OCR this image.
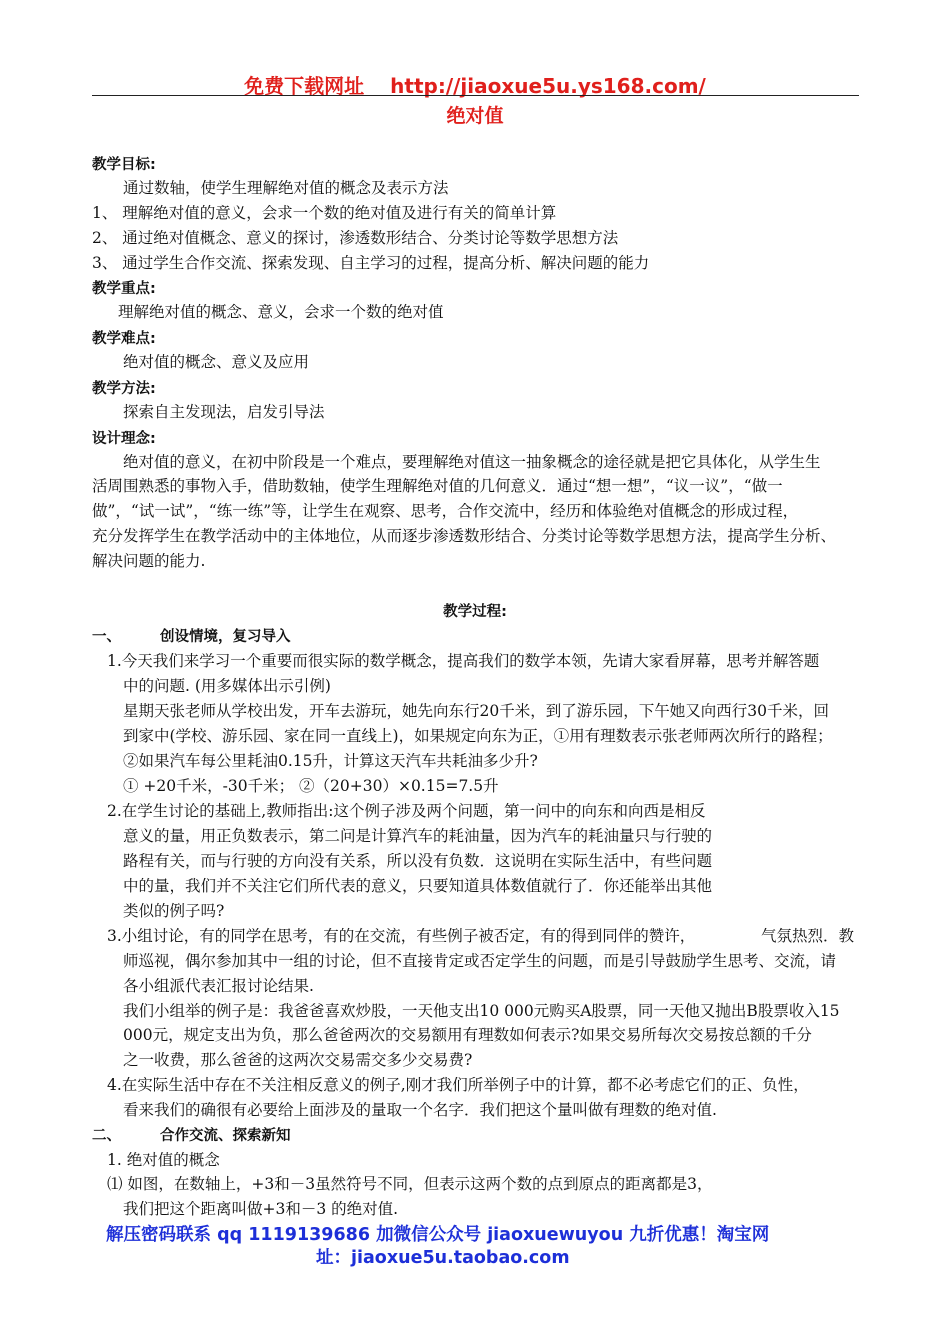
免费下载网址 http://jiaoxue5u.ys168.com/
绝对值
教学目标:
通过数轴，使学生理解绝对值的概念及表示方法
1、 理解绝对值的意义，会求一个数的绝对值及进行有关的简单计算
2、 通过绝对值概念、意义的探讨，渗透数形结合、分类讨论等数学思想方法
3、 通过学生合作交流、探索发现、自主学习的过程，提高分析、解决问题的能力
教学重点:
理解绝对值的概念、意义，会求一个数的绝对值
教学难点:
绝对值的概念、意义及应用
教学方法:
探索自主发现法，启发引导法
设计理念:
绝对值的意义，在初中阶段是一个难点，要理解绝对值这一抽象概念的途径就是把它具体化，从学生生
活周围熟悉的事物入手，借助数轴，使学生理解绝对值的几何意义．通过“想一想”，“议一议”，“做一
做”，“试一试”，“练一练”等，让学生在观察、思考，合作交流中，经历和体验绝对值概念的形成过程，
充分发挥学生在教学活动中的主体地位，从而逐步渗透数形结合、分类讨论等数学思想方法，提高学生分析、
解决问题的能力.
教学过程:
一、	创设情境，复习导入
1.今天我们来学习一个重要而很实际的数学概念，提高我们的数学本领，先请大家看屏幕，思考并解答题
中的问题. (用多媒体出示引例)
星期天张老师从学校出发，开车去游玩，她先向东行20千米，到了游乐园，下午她又向西行30千米，回
到家中(学校、游乐园、家在同一直线上)，如果规定向东为正，①用有理数表示张老师两次所行的路程；
②如果汽车每公里耗油0.15升，计算这天汽车共耗油多少升?
① +20千米，-30千米； ②（20+30）×0.15=7.5升
2.在学生讨论的基础上,教师指出:这个例子涉及两个问题，第一问中的向东和向西是相反
意义的量，用正负数表示，第二问是计算汽车的耗油量，因为汽车的耗油量只与行驶的
路程有关，而与行驶的方向没有关系，所以没有负数．这说明在实际生活中，有些问题
中的量，我们并不关注它们所代表的意义，只要知道具体数值就行了．你还能举出其他
类似的例子吗?
3.小组讨论，有的同学在思考，有的在交流，有些例子被否定，有的得到同伴的赞许，	气氛热烈．教
师巡视，偶尔参加其中一组的讨论，但不直接肯定或否定学生的问题，而是引导鼓励学生思考、交流，请
各小组派代表汇报讨论结果.
我们小组举的例子是：我爸爸喜欢炒股，一天他支出10 000元购买A股票，同一天他又抛出B股票收入15
000元，规定支出为负，那么爸爸两次的交易额用有理数如何表示?如果交易所每次交易按总额的千分
之一收费，那么爸爸的这两次交易需交多少交易费?
4.在实际生活中存在不关注相反意义的例子,刚才我们所举例子中的计算，都不必考虑它们的正、负性，
看来我们的确很有必要给上面涉及的量取一个名字．我们把这个量叫做有理数的绝对值.
二、	合作交流、探索新知
1. 绝对值的概念
⑴ 如图，在数轴上，+3和－3虽然符号不同，但表示这两个数的点到原点的距离都是3，
我们把这个距离叫做+3和－3 的绝对值.
解压密码联系 qq 1119139686 加微信公众号 jiaoxuewuyou 九折优惠！淘宝网
址：jiaoxue5u.taobao.com
